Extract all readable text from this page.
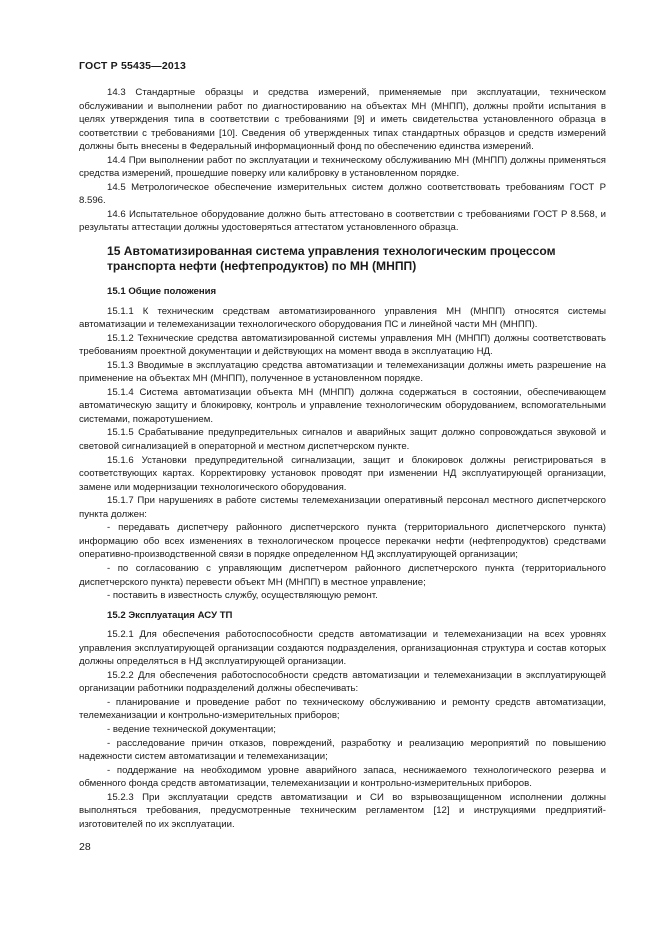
ГОСТ Р 55435—2013

14.3 Стандартные образцы и средства измерений, применяемые при эксплуатации, техническом обслуживании и выполнении работ по диагностированию на объектах МН (МНПП), должны пройти испытания в целях утверждения типа в соответствии с требованиями [9] и иметь свидетельства установленного образца в соответствии с требованиями [10]. Сведения об утвержденных типах стандартных образцов и средств измерений должны быть внесены в Федеральный информационный фонд по обеспечению единства измерений.

14.4 При выполнении работ по эксплуатации и техническому обслуживанию МН (МНПП) должны применяться средства измерений, прошедшие поверку или калибровку в установленном порядке.

14.5 Метрологическое обеспечение измерительных систем должно соответствовать требованиям ГОСТ Р 8.596.

14.6 Испытательное оборудование должно быть аттестовано в соответствии с требованиями ГОСТ Р 8.568, и результаты аттестации должны удостоверяться аттестатом установленного образца.

15 Автоматизированная система управления технологическим процессом транспорта нефти (нефтепродуктов) по МН (МНПП)
15.1 Общие положения

15.1.1 К техническим средствам автоматизированного управления МН (МНПП) относятся системы автоматизации и телемеханизации технологического оборудования ПС и линейной части МН (МНПП).

15.1.2 Технические средства автоматизированной системы управления МН (МНПП) должны соответствовать требованиям проектной документации и действующих на момент ввода в эксплуатацию НД.

15.1.3 Вводимые в эксплуатацию средства автоматизации и телемеханизации должны иметь разрешение на применение на объектах МН (МНПП), полученное в установленном порядке.

15.1.4 Система автоматизации объекта МН (МНПП) должна содержаться в состоянии, обеспечивающем автоматическую защиту и блокировку, контроль и управление технологическим оборудованием, вспомогательными системами, пожаротушением.

15.1.5 Срабатывание предупредительных сигналов и аварийных защит должно сопровождаться звуковой и световой сигнализацией в операторной и местном диспетчерском пункте.

15.1.6 Установки предупредительной сигнализации, защит и блокировок должны регистрироваться в соответствующих картах. Корректировку установок проводят при изменении НД эксплуатирующей организации, замене или модернизации технологического оборудования.

15.1.7 При нарушениях в работе системы телемеханизации оперативный персонал местного диспетчерского пункта должен:

- передавать диспетчеру районного диспетчерского пункта (территориального диспетчерского пункта) информацию обо всех изменениях в технологическом процессе перекачки нефти (нефтепродуктов) средствами оперативно-производственной связи в порядке определенном НД эксплуатирующей организации;

- по согласованию с управляющим диспетчером районного диспетчерского пункта (территориального диспетчерского пункта) перевести объект МН (МНПП) в местное управление;

- поставить в известность службу, осуществляющую ремонт.

15.2 Эксплуатация АСУ ТП

15.2.1 Для обеспечения работоспособности средств автоматизации и телемеханизации на всех уровнях управления эксплуатирующей организации создаются подразделения, организационная структура и состав которых должны определяться в НД эксплуатирующей организации.

15.2.2 Для обеспечения работоспособности средств автоматизации и телемеханизации в эксплуатирующей организации работники подразделений должны обеспечивать:

- планирование и проведение работ по техническому обслуживанию и ремонту средств автоматизации, телемеханизации и контрольно-измерительных приборов;

- ведение технической документации;

- расследование причин отказов, повреждений, разработку и реализацию мероприятий по повышению надежности систем автоматизации и телемеханизации;

- поддержание на необходимом уровне аварийного запаса, неснижаемого технологического резерва и обменного фонда средств автоматизации, телемеханизации и контрольно-измерительных приборов.

15.2.3 При эксплуатации средств автоматизации и СИ во взрывозащищенном исполнении должны выполняться требования, предусмотренные техническим регламентом [12] и инструкциями предприятий-изготовителей по их эксплуатации.

28
